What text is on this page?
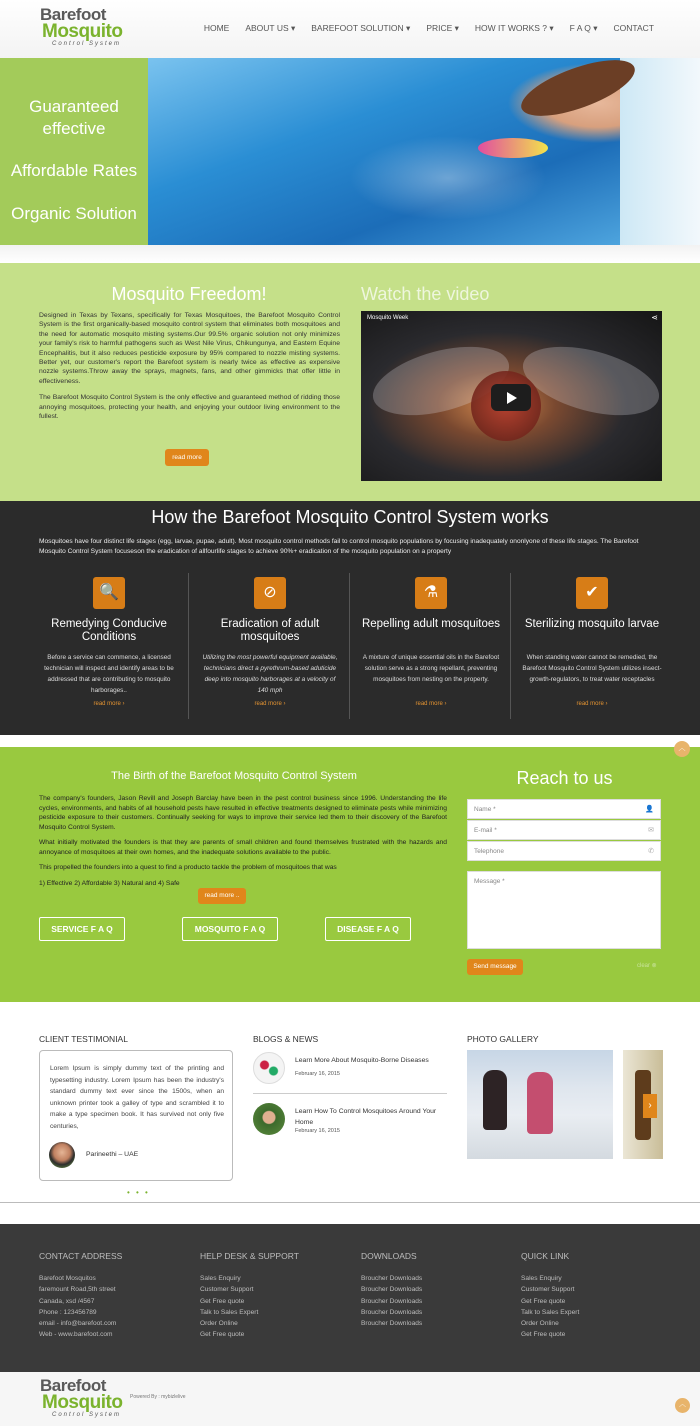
Barefoot
Mosquito
Control System
HOME ABOUT US ▾ BAREFOOT SOLUTION ▾ PRICE ▾ HOW IT WORKS ? ▾ F A Q ▾ CONTACT
Guaranteed
effective
Affordable Rates
Organic Solution
Mosquito Freedom!

Designed in Texas by Texans, specifically for Texas Mosquitoes, the Barefoot Mosquito Control System is the first organically-based mosquito control system that eliminates both mosquitoes and the need for automatic mosquito misting systems.Our 99.5% organic solution not only minimizes your family's risk to harmful pathogens such as West Nile Virus, Chikungunya, and Eastern Equine Encephalitis, but it also reduces pesticide exposure by 95% compared to nozzle misting systems. Better yet, our customer's report the Barefoot system is nearly twice as effective as expensive nozzle systems.Throw away the sprays, magnets, fans, and other gimmicks that offer little in effectiveness.

The Barefoot Mosquito Control System is the only effective and guaranteed method of ridding those annoying mosquitoes, protecting your health, and enjoying your outdoor living environment to the fullest.

read more
Watch the video
Mosquito Week	⋖
How the Barefoot Mosquito Control System works
Mosquitoes have four distinct life stages (egg, larvae, pupae, adult). Most mosquito control methods fail to control mosquito populations by focusing inadequately ononlyone of these life stages. The Barefoot Mosquito Control System focuseson the eradication of allfourlife stages to achieve 90%+ eradication of the mosquito population on a property
🔍
Remedying Conducive Conditions
Before a service can commence, a licensed technician will inspect and identify areas to be addressed that are contributing to mosquito harborages..
read more ›
⊘
Eradication of adult mosquitoes
Utilizing the most powerful equipment available, technicians direct a pyrethrum-based aduticide deep into mosquito harborages at a velocity of 140 mph
read more ›
⚗
Repelling adult mosquitoes
A mixture of unique essential oils in the Barefoot solution serve as a strong repellant, preventing mosquitoes from nesting on the property.
read more ›
✔
Sterilizing mosquito larvae
When standing water cannot be remedied, the Barefoot Mosquito Control System utilizes insect-growth-regulators, to treat water receptacles
read more ›
︿
The Birth of the Barefoot Mosquito Control System

The company's founders, Jason Revill and Joseph Barclay have been in the pest control business since 1996. Understanding the life cycles, environments, and habits of all household pests have resulted in effective treatments designed to eliminate pests while minimizing pesticide exposure to their customers. Continually seeking for ways to improve their service led them to their discovery of the Barefoot Mosquito Control System.

What initially motivated the founders is that they are parents of small children and found themselves frustrated with the hazards and annoyance of mosquitoes at their own homes, and the inadequate solutions available to the public.

This propelled the founders into a quest to find a producto tackle the problem of mosquitoes that was

1) Effective 2) Affordable 3) Natural and 4) Safe

read more ..
SERVICE F A Q	MOSQUITO F A Q	DISEASE F A Q
Reach to us
Name *	👤
E-mail *	✉
Telephone	✆
Message *
Send message	clear ⊗
CLIENT TESTIMONIAL

Lorem Ipsum is simply dummy text of the printing and typesetting industry. Lorem Ipsum has been the industry's standard dummy text ever since the 1500s, when an unknown printer took a galley of type and scrambled it to make a type specimen book. It has survived not only five centuries,

Parineethi – UAE
• • •
BLOGS & NEWS
Learn More About Mosquito-Borne Diseases
February 16, 2015
Learn How To Control Mosquitoes Around Your Home
February 16, 2015
PHOTO GALLERY
›
CONTACT ADDRESS
Barefoot Mosquitos
faremount Road,5th street
Canada, xsd /4567
Phone : 123456789
email - info@barefoot.com
Web - www.barefoot.com
HELP DESK & SUPPORT
Sales Enquiry
Customer Support
Get Free quote
Talk to Sales Expert
Order Online
Get Free quote
DOWNLOADS
Broucher Downloads
Broucher Downloads
Broucher Downloads
Broucher Downloads
Broucher Downloads
QUICK LINK
Sales Enquiry
Customer Support
Get Free quote
Talk to Sales Expert
Order Online
Get Free quote
Barefoot
Mosquito
Control System
Powered By : mybizlelive
︿
